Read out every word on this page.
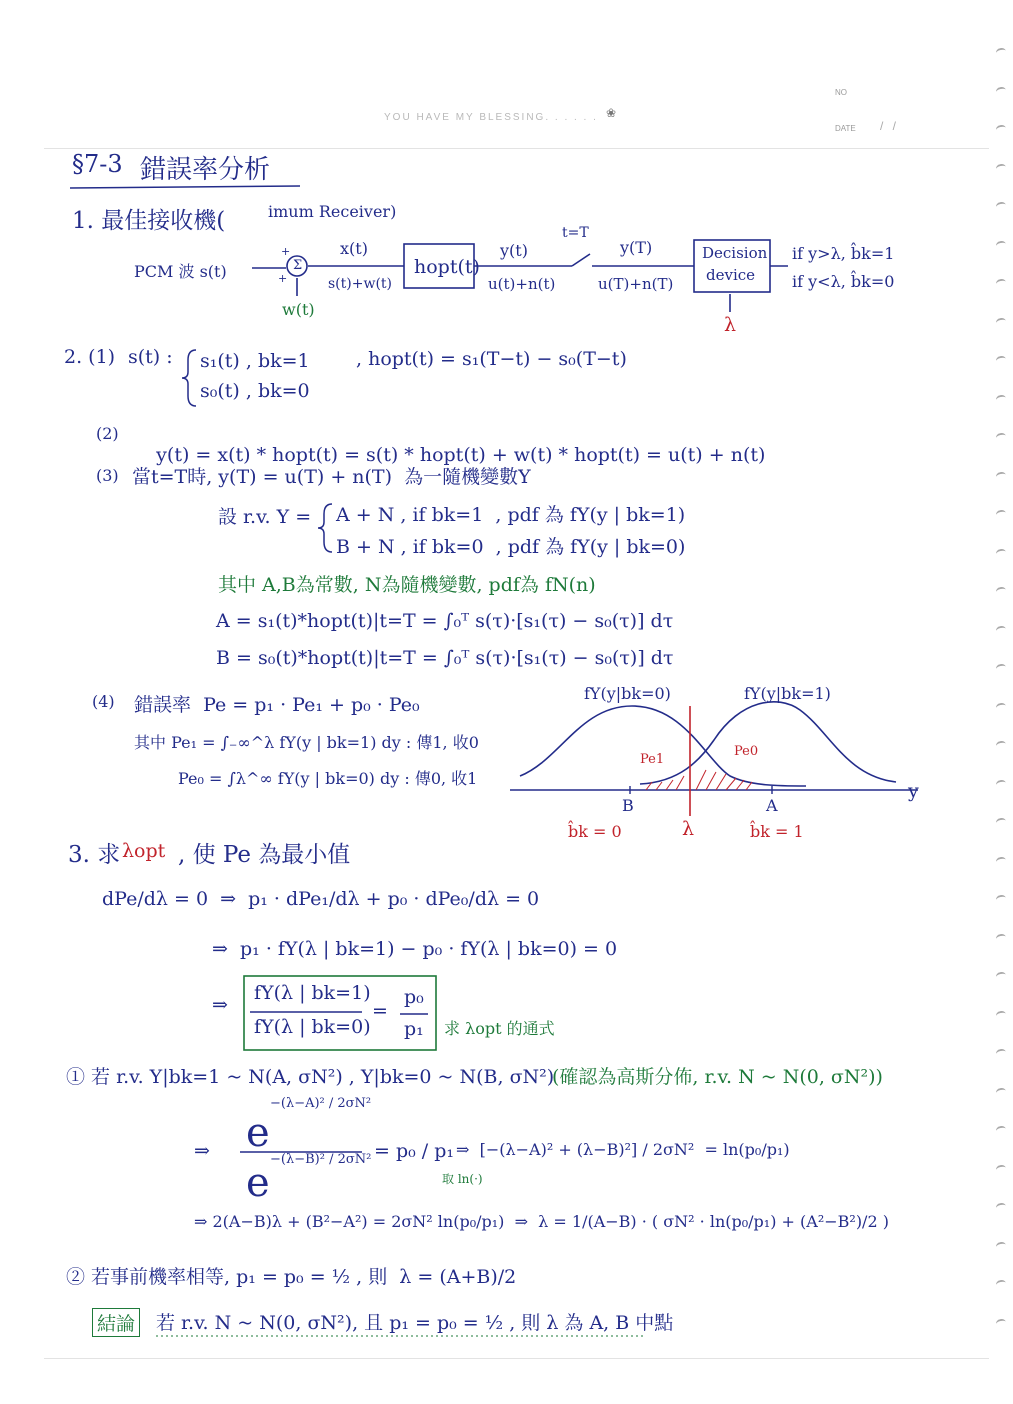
YOU HAVE MY BLESSING. . . . . . ❀
NO
DATE / /
§7-3 錯誤率分析
1. 最佳接收機(	imum Receiver)
PCM 波 s(t)	Σ
+
+
w(t)
x(t)
s(t)+w(t)
hopt(t)
y(t)
u(t)+n(t)
t=T
y(T)
u(T)+n(T)
Decision
device
λ
if y>λ, b̂k=1
if y<λ, b̂k=0
2. (1) s(t) : s₁(t) , bk=1
s₀(t) , bk=0
, hopt(t) = s₁(T−t) − s₀(T−t)
(2)

y(t) = x(t) * hopt(t) = s(t) * hopt(t) + w(t) * hopt(t) = u(t) + n(t)

(3) 當t=T時, y(T) = u(T) + n(T)  為一隨機變數Y
設 r.v. Y = A + N , if bk=1  , pdf 為 fY(y | bk=1)
B + N , if bk=0  , pdf 為 fY(y | bk=0)
其中 A,B為常數, N為隨機變數, pdf為 fN(n)
A = s₁(t)*hopt(t)|t=T = ∫₀ᵀ s(τ)·[s₁(τ) − s₀(τ)] dτ
B = s₀(t)*hopt(t)|t=T = ∫₀ᵀ s(τ)·[s₁(τ) − s₀(τ)] dτ
(4) 錯誤率  Pe = p₁ · Pe₁ + p₀ · Pe₀
其中 Pe₁ = ∫₋∞^λ fY(y | bk=1) dy : 傳1, 收0
Pe₀ = ∫λ^∞ fY(y | bk=0) dy : 傳0, 收1
fY(y|bk=0)	fY(y|bk=1)
Pe1
Pe0
y
B	A
λ
b̂k = 0	b̂k = 1
3. 求 λopt , 使 Pe 為最小值
dPe/dλ = 0  ⇒  p₁ · dPe₁/dλ + p₀ · dPe₀/dλ = 0
⇒  p₁ · fY(λ | bk=1) − p₀ · fY(λ | bk=0) = 0
⇒
fY(λ | bk=1)
fY(λ | bk=0)
=
p₀
p₁ 求 λopt 的通式
① 若 r.v. Y|bk=1 ~ N(A, σN²) , Y|bk=0 ~ N(B, σN²)
(確認為高斯分佈, r.v. N ~ N(0, σN²))
⇒ e
−(λ−A)² / 2σN²
e
−(λ−B)² / 2σN² = p₀ / p₁
取 ln(·)
⇒  [−(λ−A)² + (λ−B)²] / 2σN²  = ln(p₀/p₁)
⇒ 2(A−B)λ + (B²−A²) = 2σN² ln(p₀/p₁)  ⇒  λ = 1/(A−B) · ( σN² · ln(p₀/p₁) + (A²−B²)/2 )
② 若事前機率相等, p₁ = p₀ = ½ , 則  λ = (A+B)/2
結論 若 r.v. N ~ N(0, σN²), 且 p₁ = p₀ = ½ , 則 λ 為 A, B 中點
